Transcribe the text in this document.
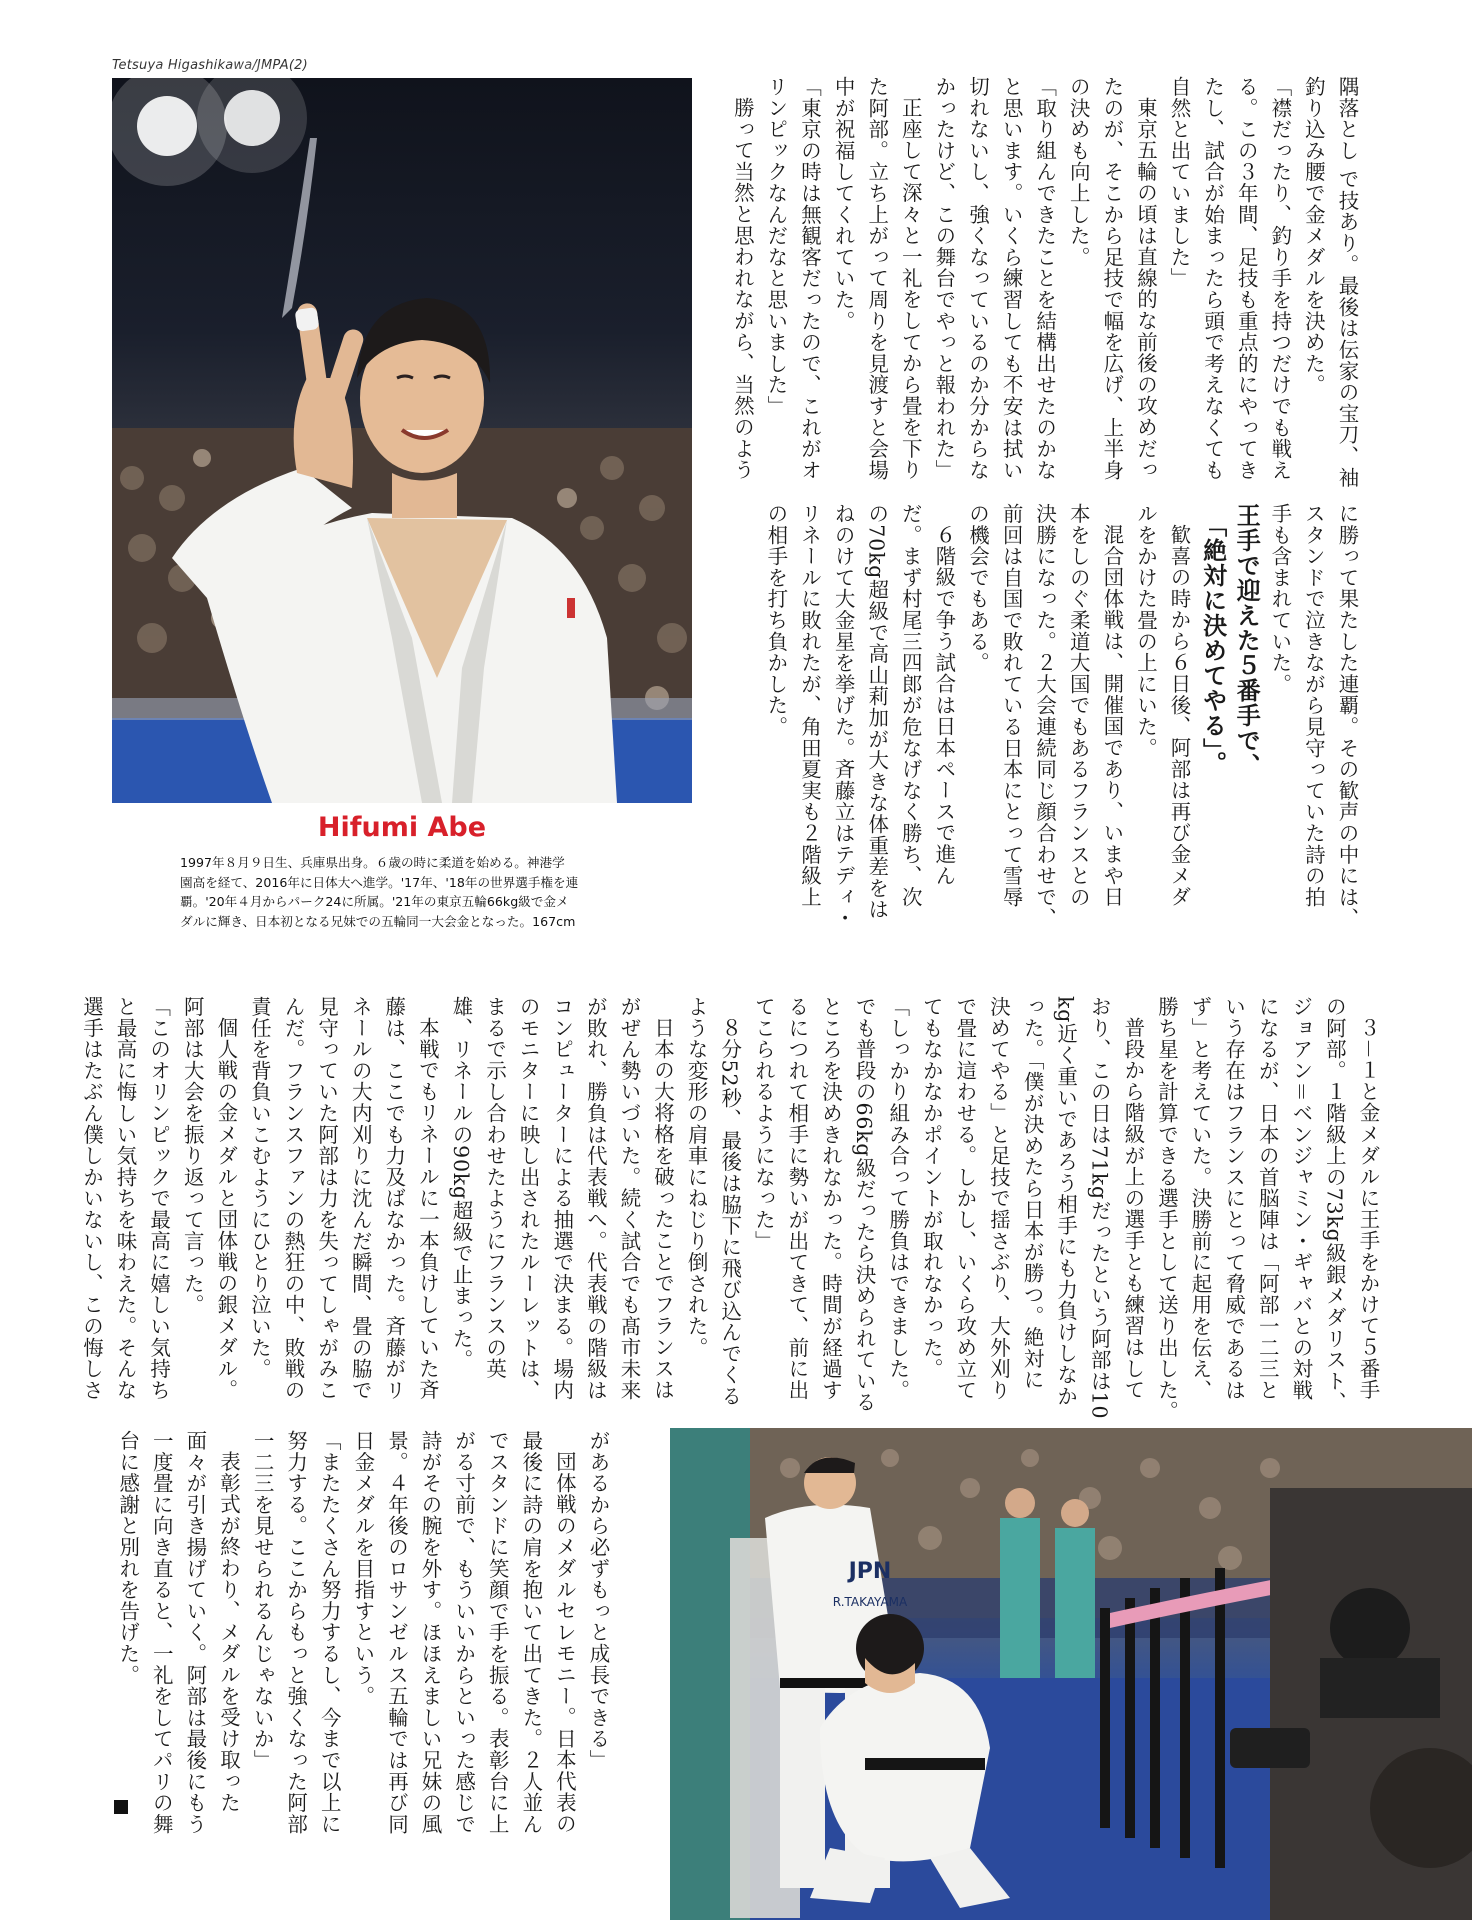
Tetsuya Higashikawa/JMPA(2)
Hifumi Abe
1997年８月９日生、兵庫県出身。６歳の時に柔道を始める。神港学
園高を経て、2016年に日体大へ進学。'17年、'18年の世界選手権を連
覇。'20年４月からパーク24に所属。'21年の東京五輪66kg級で金メ
ダルに輝き、日本初となる兄妹での五輪同一大会金となった。167cm

隅落とし で技あり。最後は伝家の宝刀、袖

釣り込み腰で金メダルを決めた。

「襟だったり、釣り手を持つだけでも戦え

る。この３年間、足技も重点的にやってき

たし、試合が始まったら頭で考えなくても

自然と出ていました」

東京五輪の頃は直線的な前後の攻めだっ

たのが、そこから足技で幅を広げ、上半身

の決めも向上した。

「取り組んできたことを結構出せたのかな

と思います。いくら練習しても不安は拭い

切れないし、強くなっているのか分からな

かったけど、この舞台でやっと報われた」

正座して深々と一礼をしてから畳を下り

た阿部。立ち上がって周りを見渡すと会場

中が祝福してくれていた。

「東京の時は無観客だったので、これがオ

リンピックなんだなと思いました」

勝って当然と思われながら、当然のよう

に勝って果たした連覇。その歓声の中には、

スタンドで泣きながら見守っていた詩の拍

手も含まれていた。

王手で迎えた５番手で、

「絶対に決めてやる」。

歓喜の時から６日後、阿部は再び金メダ

ルをかけた畳の上にいた。

混合団体戦は、開催国であり、いまや日

本をしのぐ柔道大国でもあるフランスとの

決勝になった。２大会連続同じ顔合わせで、

前回は自国で敗れている日本にとって雪辱

の機会でもある。

６階級で争う試合は日本ペースで進ん

だ。まず村尾三四郎が危なげなく勝ち、次

の70kg超級で高山莉加が大きな体重差をは

ねのけて大金星を挙げた。斉藤立はテディ・

リネールに敗れたが、角田夏実も２階級上

の相手を打ち負かした。

３－１と金メダルに王手をかけて５番手

の阿部。１階級上の73kg級銀メダリスト、

ジョアン＝ベンジャミン・ギャバとの対戦

になるが、日本の首脳陣は「阿部一二三と

いう存在はフランスにとって脅威であるは

ず」と考えていた。決勝前に起用を伝え、

勝ち星を計算できる選手として送り出した。

普段から階級が上の選手とも練習はして

おり、この日は71kgだったという阿部は10

kg近く重いであろう相手にも力負けしなか

った。「僕が決めたら日本が勝つ。絶対に

決めてやる」と足技で揺さぶり、大外刈り

で畳に這わせる。しかし、いくら攻め立て

てもなかなかポイントが取れなかった。

「しっかり組み合って勝負はできました。

でも普段の66kg級だったら決められている

ところを決めきれなかった。時間が経過す

るにつれて相手に勢いが出てきて、前に出

てこられるようになった」

８分52秒、最後は脇下に飛び込んでくる

ような変形の肩車にねじり倒された。

日本の大将格を破ったことでフランスは

がぜん勢いづいた。続く試合でも髙市未来

が敗れ、勝負は代表戦へ。代表戦の階級は

コンピューターによる抽選で決まる。場内

のモニターに映し出されたルーレットは、

まるで示し合わせたようにフランスの英

雄、リネールの90kg超級で止まった。

本戦でもリネールに一本負けしていた斉

藤は、ここでも力及ばなかった。斉藤がリ

ネールの大内刈りに沈んだ瞬間、畳の脇で

見守っていた阿部は力を失ってしゃがみこ

んだ。フランスファンの熱狂の中、敗戦の

責任を背負いこむようにひとり泣いた。

個人戦の金メダルと団体戦の銀メダル。

阿部は大会を振り返って言った。

「このオリンピックで最高に嬉しい気持ち

と最高に悔しい気持ちを味わえた。そんな

選手はたぶん僕しかいないし、この悔しさ

があるから必ずもっと成長できる」

団体戦のメダルセレモニー。日本代表の

最後に詩の肩を抱いて出てきた。２人並ん

でスタンドに笑顔で手を振る。表彰台に上

がる寸前で、もういいからといった感じで

詩がその腕を外す。ほほえましい兄妹の風

景。４年後のロサンゼルス五輪では再び同

日金メダルを目指すという。

「またたくさん努力するし、今まで以上に

努力する。ここからもっと強くなった阿部

一二三を見せられるんじゃないか」

表彰式が終わり、メダルを受け取った

面々が引き揚げていく。阿部は最後にもう

一度畳に向き直ると、一礼をしてパリの舞

台に感謝と別れを告げた。	JPN
R.TAKAYAMA
